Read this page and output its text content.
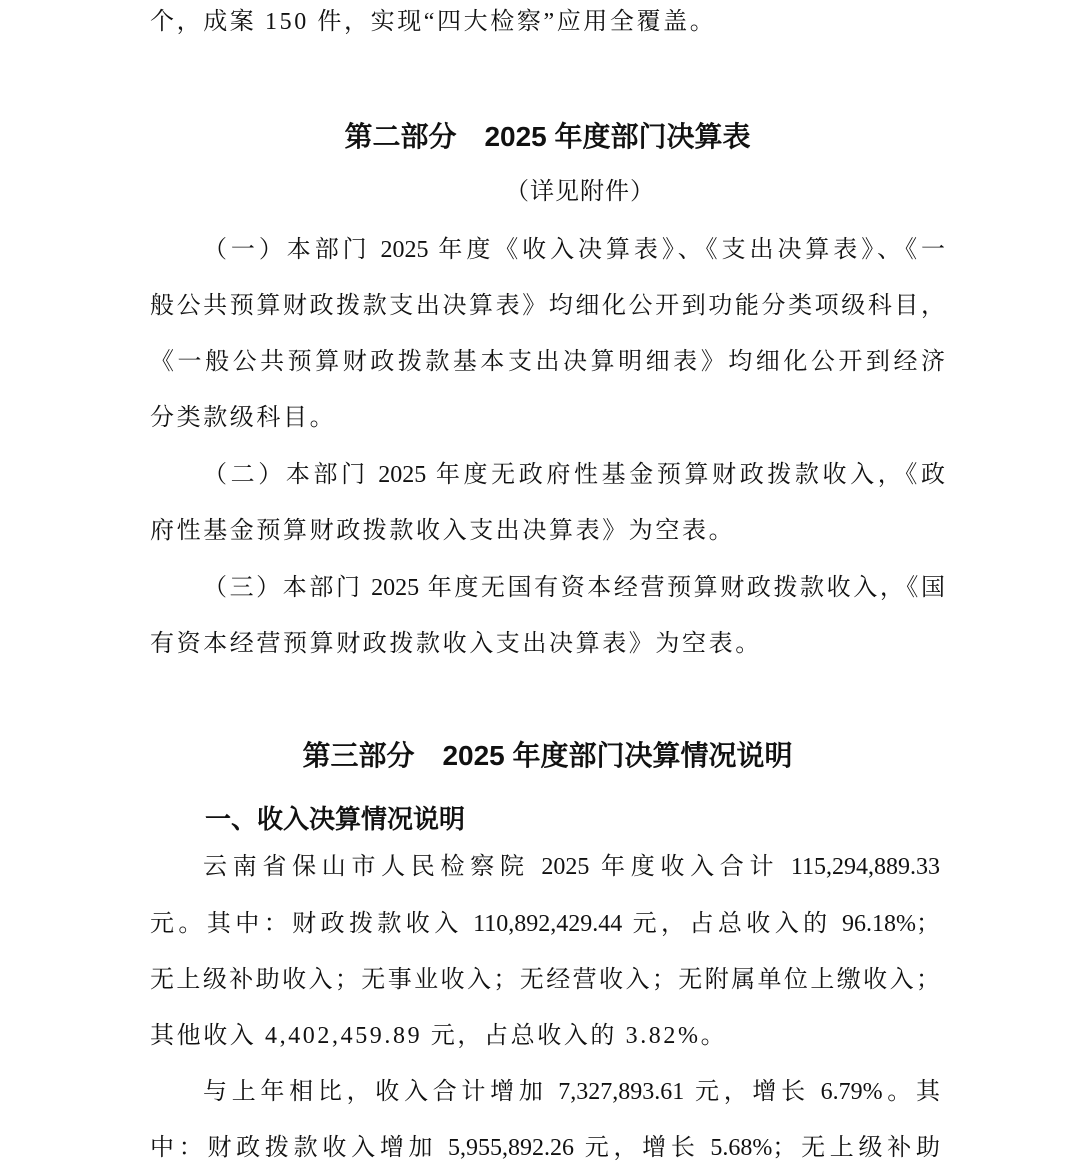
个，成案 150 件，实现“四大检察”应用全覆盖。
第二部分　2025 年度部门决算表
（详见附件）
（一）本部门 2025 年度《收入决算表》、《支出决算表》、《一
般公共预算财政拨款支出决算表》均细化公开到功能分类项级科目，
《一般公共预算财政拨款基本支出决算明细表》均细化公开到经济
分类款级科目。
（二）本部门 2025 年度无政府性基金预算财政拨款收入，《政
府性基金预算财政拨款收入支出决算表》为空表。
（三）本部门 2025 年度无国有资本经营预算财政拨款收入，《国
有资本经营预算财政拨款收入支出决算表》为空表。
第三部分　2025 年度部门决算情况说明
一、收入决算情况说明
云南省保山市人民检察院 2025 年度收入合计 115,294,889.33
元。其中：财政拨款收入 110,892,429.44 元，占总收入的 96.18%；
无上级补助收入；无事业收入；无经营收入；无附属单位上缴收入；
其他收入 4,402,459.89 元，占总收入的 3.82%。
与上年相比，收入合计增加 7,327,893.61 元，增长 6.79%。其
中：财政拨款收入增加 5,955,892.26 元，增长 5.68%；无上级补助
